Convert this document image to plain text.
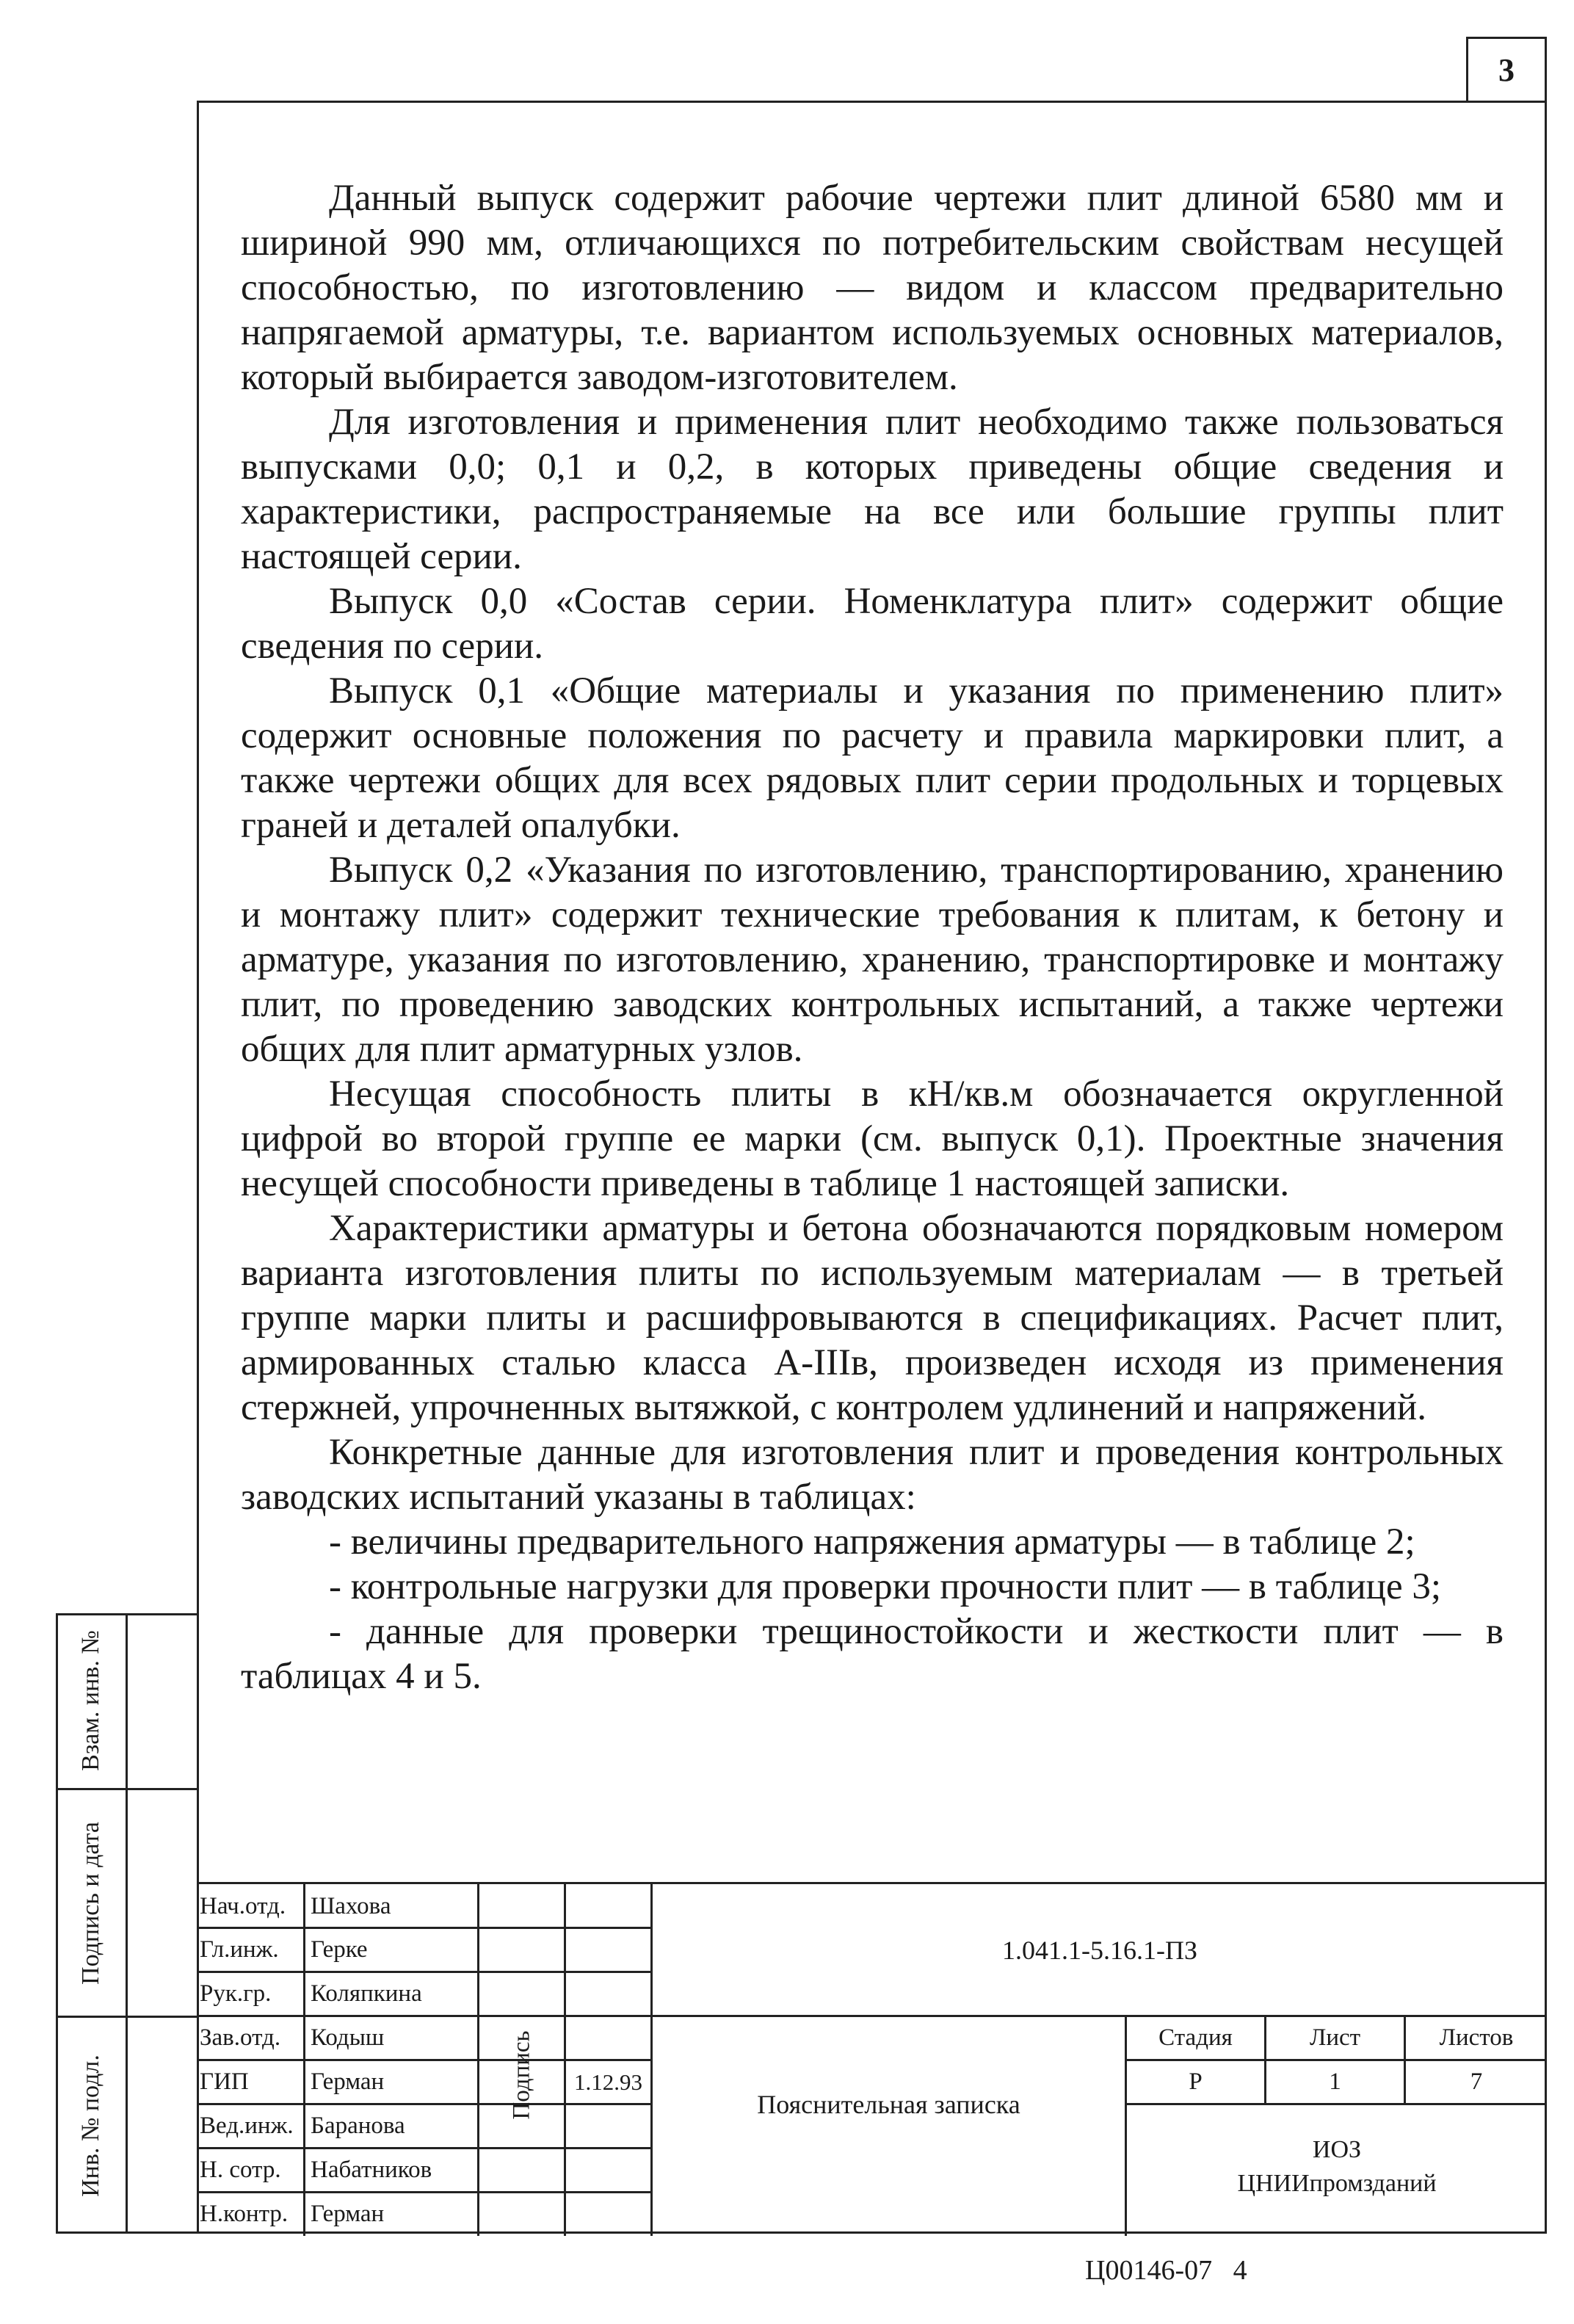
3

Данный выпуск содержит рабочие чертежи плит длиной 6580 мм и шириной 990 мм, отличающихся по потребительским свойствам несущей способностью, по изготовлению — видом и классом предварительно напрягаемой арматуры, т.е. вариантом используемых основных материалов, который выбирается заводом-изготовителем.

Для изготовления и применения плит необходимо также пользоваться выпусками 0,0; 0,1 и 0,2, в которых приведены общие сведения и характеристики, распространяемые на все или большие группы плит настоящей серии.

Выпуск 0,0 «Состав серии. Номенклатура плит» содержит общие сведения по серии.

Выпуск 0,1 «Общие материалы и указания по применению плит» содержит основные положения по расчету и правила маркировки плит, а также чертежи общих для всех рядовых плит серии продольных и торцевых граней и деталей опалубки.

Выпуск 0,2 «Указания по изготовлению, транспортированию, хранению и монтажу плит» содержит технические требования к плитам, к бетону и арматуре, указания по изготовлению, хранению, транспортировке и монтажу плит, по проведению заводских контрольных испытаний, а также чертежи общих для плит арматурных узлов.

Несущая способность плиты в кН/кв.м обозначается округленной цифрой во второй группе ее марки (см. выпуск 0,1). Проектные значения несущей способности приведены в таблице 1 настоящей записки.

Характеристики арматуры и бетона обозначаются порядковым номером варианта изготовления плиты по используемым материалам — в третьей группе марки плиты и расшифровываются в спецификациях. Расчет плит, армированных сталью класса А-IIIв, произведен исходя из применения стержней, упрочненных вытяжкой, с контролем удлинений и напряжений.

Конкретные данные для изготовления плит и проведения контрольных заводских испытаний указаны в таблицах:

- величины предварительного напряжения арматуры — в таблице 2;

- контрольные нагрузки для проверки прочности плит — в таблице 3;

- данные для проверки трещиностойкости и жесткости плит — в таблицах 4 и 5.

Взам. инв. №
Подпись и дата
Инв. № подл.
Нач.отд. Шахова
Гл.инж. Герке
Рук.гр. Коляпкина
Зав.отд. Кодыш
ГИП	Герман
Вед.инж. Баранова
Н. сотр. Набатников
Н.контр. Герман
Подпись	1.12.93
1.041.1-5.16.1-ПЗ
Пояснительная записка
Стадия	Лист	Листов
Р	1	7
ИОЗ
ЦНИИпромзданий
Ц00146-07   4
